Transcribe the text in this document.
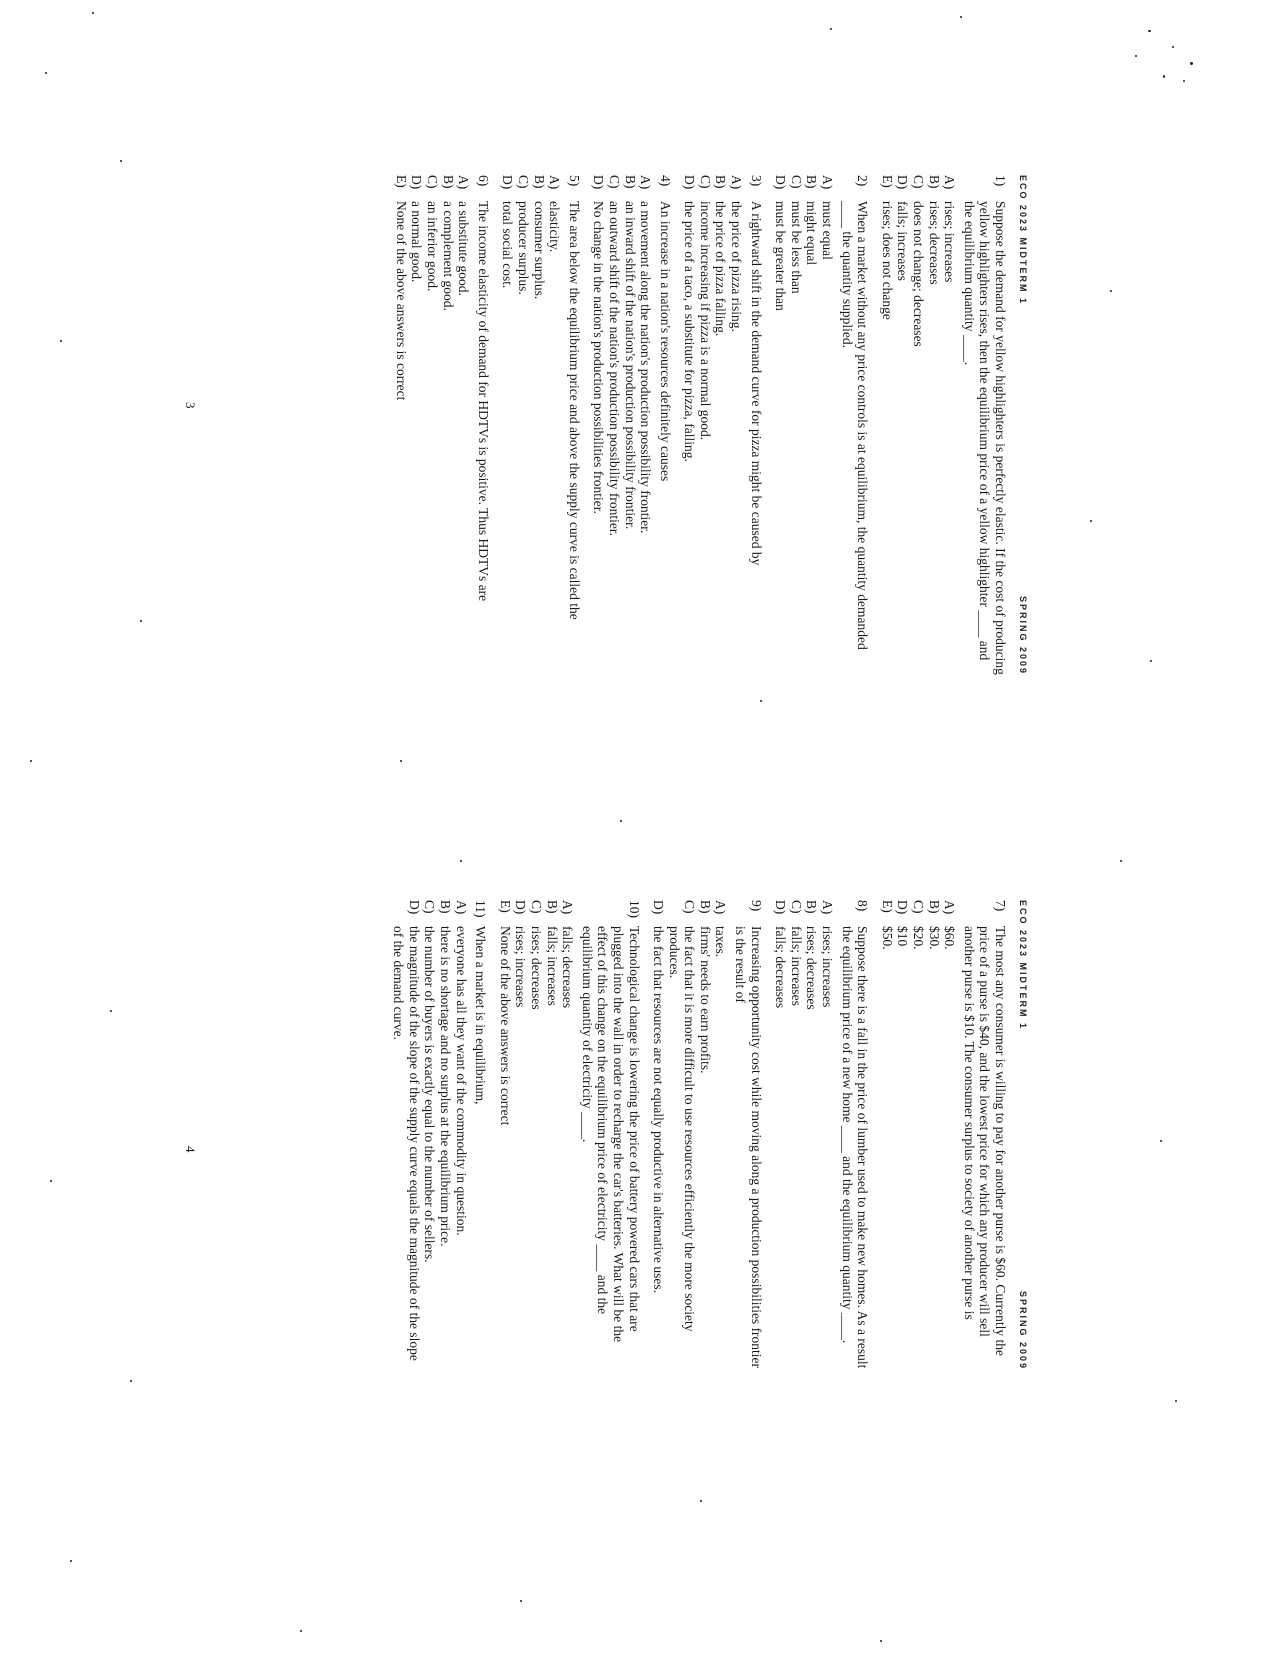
ECO 2023 MIDTERM 1
SPRING 2009
1)
Suppose the demand for yellow highlighters is perfectly elastic. If the cost of producing yellow highlighters rises, then the equilibrium price of a yellow highlighter ____ and the equilibrium quantity ____.
A)
rises; increases
B)
rises; decreases
C)
does not change; decreases
D)
falls; increases
E)
rises; does not change
2)
When a market without any price controls is at equilibrium, the quantity demanded ____ the quantity supplied.
A)
must equal
B)
might equal
C)
must be less than
D)
must be greater than
3)
A rightward shift in the demand curve for pizza might be caused by
A)
the price of pizza rising.
B)
the price of pizza falling.
C)
income increasing if pizza is a normal good.
D)
the price of a taco, a substitute for pizza, falling.
4)
An increase in a nation's resources definitely causes
A)
a movement along the nation's production possibility frontier.
B)
an inward shift of the nation's production possibility frontier.
C)
an outward shift of the nation's production possibility frontier.
D)
No change in the nation's production possibilities frontier.
5)
The area below the equilibrium price and above the supply curve is called the
A)
elasticity.
B)
consumer surplus.
C)
producer surplus.
D)
total social cost.
6)
The income elasticity of demand for HDTVs is positive. Thus HDTVs are
A)
a substitute good.
B)
a complement good.
C)
an inferior good.
D)
a normal good.
E)
None of the above answers is correct
ECO 2023 MIDTERM 1
SPRING 2009
7)
The most any consumer is willing to pay for another purse is $60. Currently the price of a purse is $40, and the lowest price for which any producer will sell another purse is $10. The consumer surplus to society of another purse is
A)
$60.
B)
$30.
C)
$20.
D)
$10
E)
$50.
8)
Suppose there is a fall in the price of lumber used to make new homes. As a result the equilibrium price of a new home ____ and the equilibrium quantity ____.
A)
rises; increases
B)
rises; decreases
C)
falls; increases
D)
falls; decreases
9)
Increasing opportunity cost while moving along a production possibilities frontier is the result of
A)
taxes.
B)
firms' needs to earn profits.
C)
the fact that it is more difficult to use resources efficiently the more society produces.
D)
the fact that resources are not equally productive in alternative uses.
10)
Technological change is lowering the price of battery powered cars that are plugged into the wall in order to recharge the car's batteries. What will be the effect of this change on the equilibrium price of electricity ____ and the equilibrium quantity of electricity ____.
A)
falls; decreases
B)
falls; increases
C)
rises; decreases
D)
rises; increases
E)
None of the above answers is correct
11)
When a market is in equilibrium,
A)
everyone has all they want of the commodity in question.
B)
there is no shortage and no surplus at the equilibrium price.
C)
the number of buyers is exactly equal to the number of sellers.
D)
the magnitude of the slope of the supply curve equals the magnitude of the slope of the demand curve.
3
4
